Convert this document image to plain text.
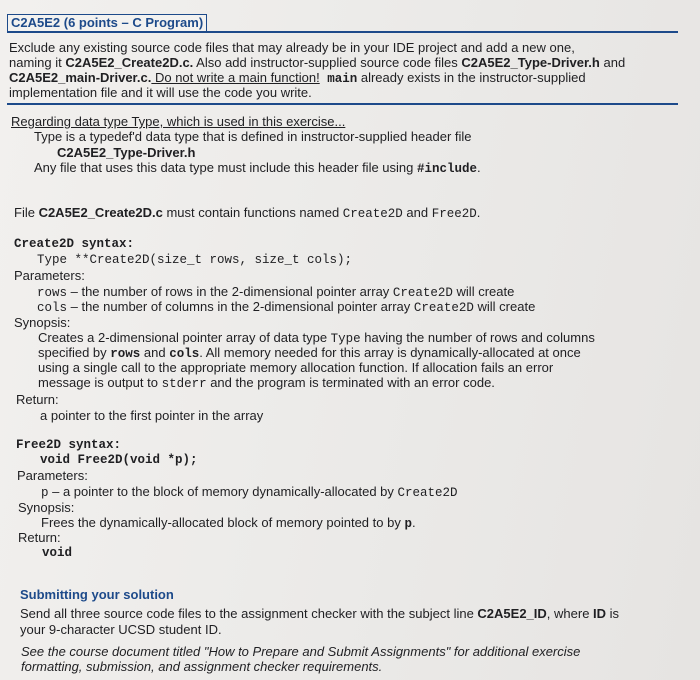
C2A5E2 (6 points – C Program)
Exclude any existing source code files that may already be in your IDE project and add a new one,
naming it C2A5E2_Create2D.c. Also add instructor-supplied source code files C2A5E2_Type-Driver.h and
C2A5E2_main-Driver.c. Do not write a main function! main already exists in the instructor-supplied
implementation file and it will use the code you write.
Regarding data type Type, which is used in this exercise...
Type is a typedef'd data type that is defined in instructor-supplied header file
C2A5E2_Type-Driver.h
Any file that uses this data type must include this header file using #include.
File C2A5E2_Create2D.c must contain functions named Create2D and Free2D.
Create2D syntax:
Type **Create2D(size_t rows, size_t cols);
Parameters:
rows – the number of rows in the 2-dimensional pointer array Create2D will create
cols – the number of columns in the 2-dimensional pointer array Create2D will create
Synopsis:
Creates a 2-dimensional pointer array of data type Type having the number of rows and columns
specified by rows and cols. All memory needed for this array is dynamically-allocated at once
using a single call to the appropriate memory allocation function. If allocation fails an error
message is output to stderr and the program is terminated with an error code.
Return:
a pointer to the first pointer in the array
Free2D syntax:
void Free2D(void *p);
Parameters:
p – a pointer to the block of memory dynamically-allocated by Create2D
Synopsis:
Frees the dynamically-allocated block of memory pointed to by p.
Return:
void
Submitting your solution
Send all three source code files to the assignment checker with the subject line C2A5E2_ID, where ID is
your 9-character UCSD student ID.
See the course document titled "How to Prepare and Submit Assignments" for additional exercise
formatting, submission, and assignment checker requirements.
